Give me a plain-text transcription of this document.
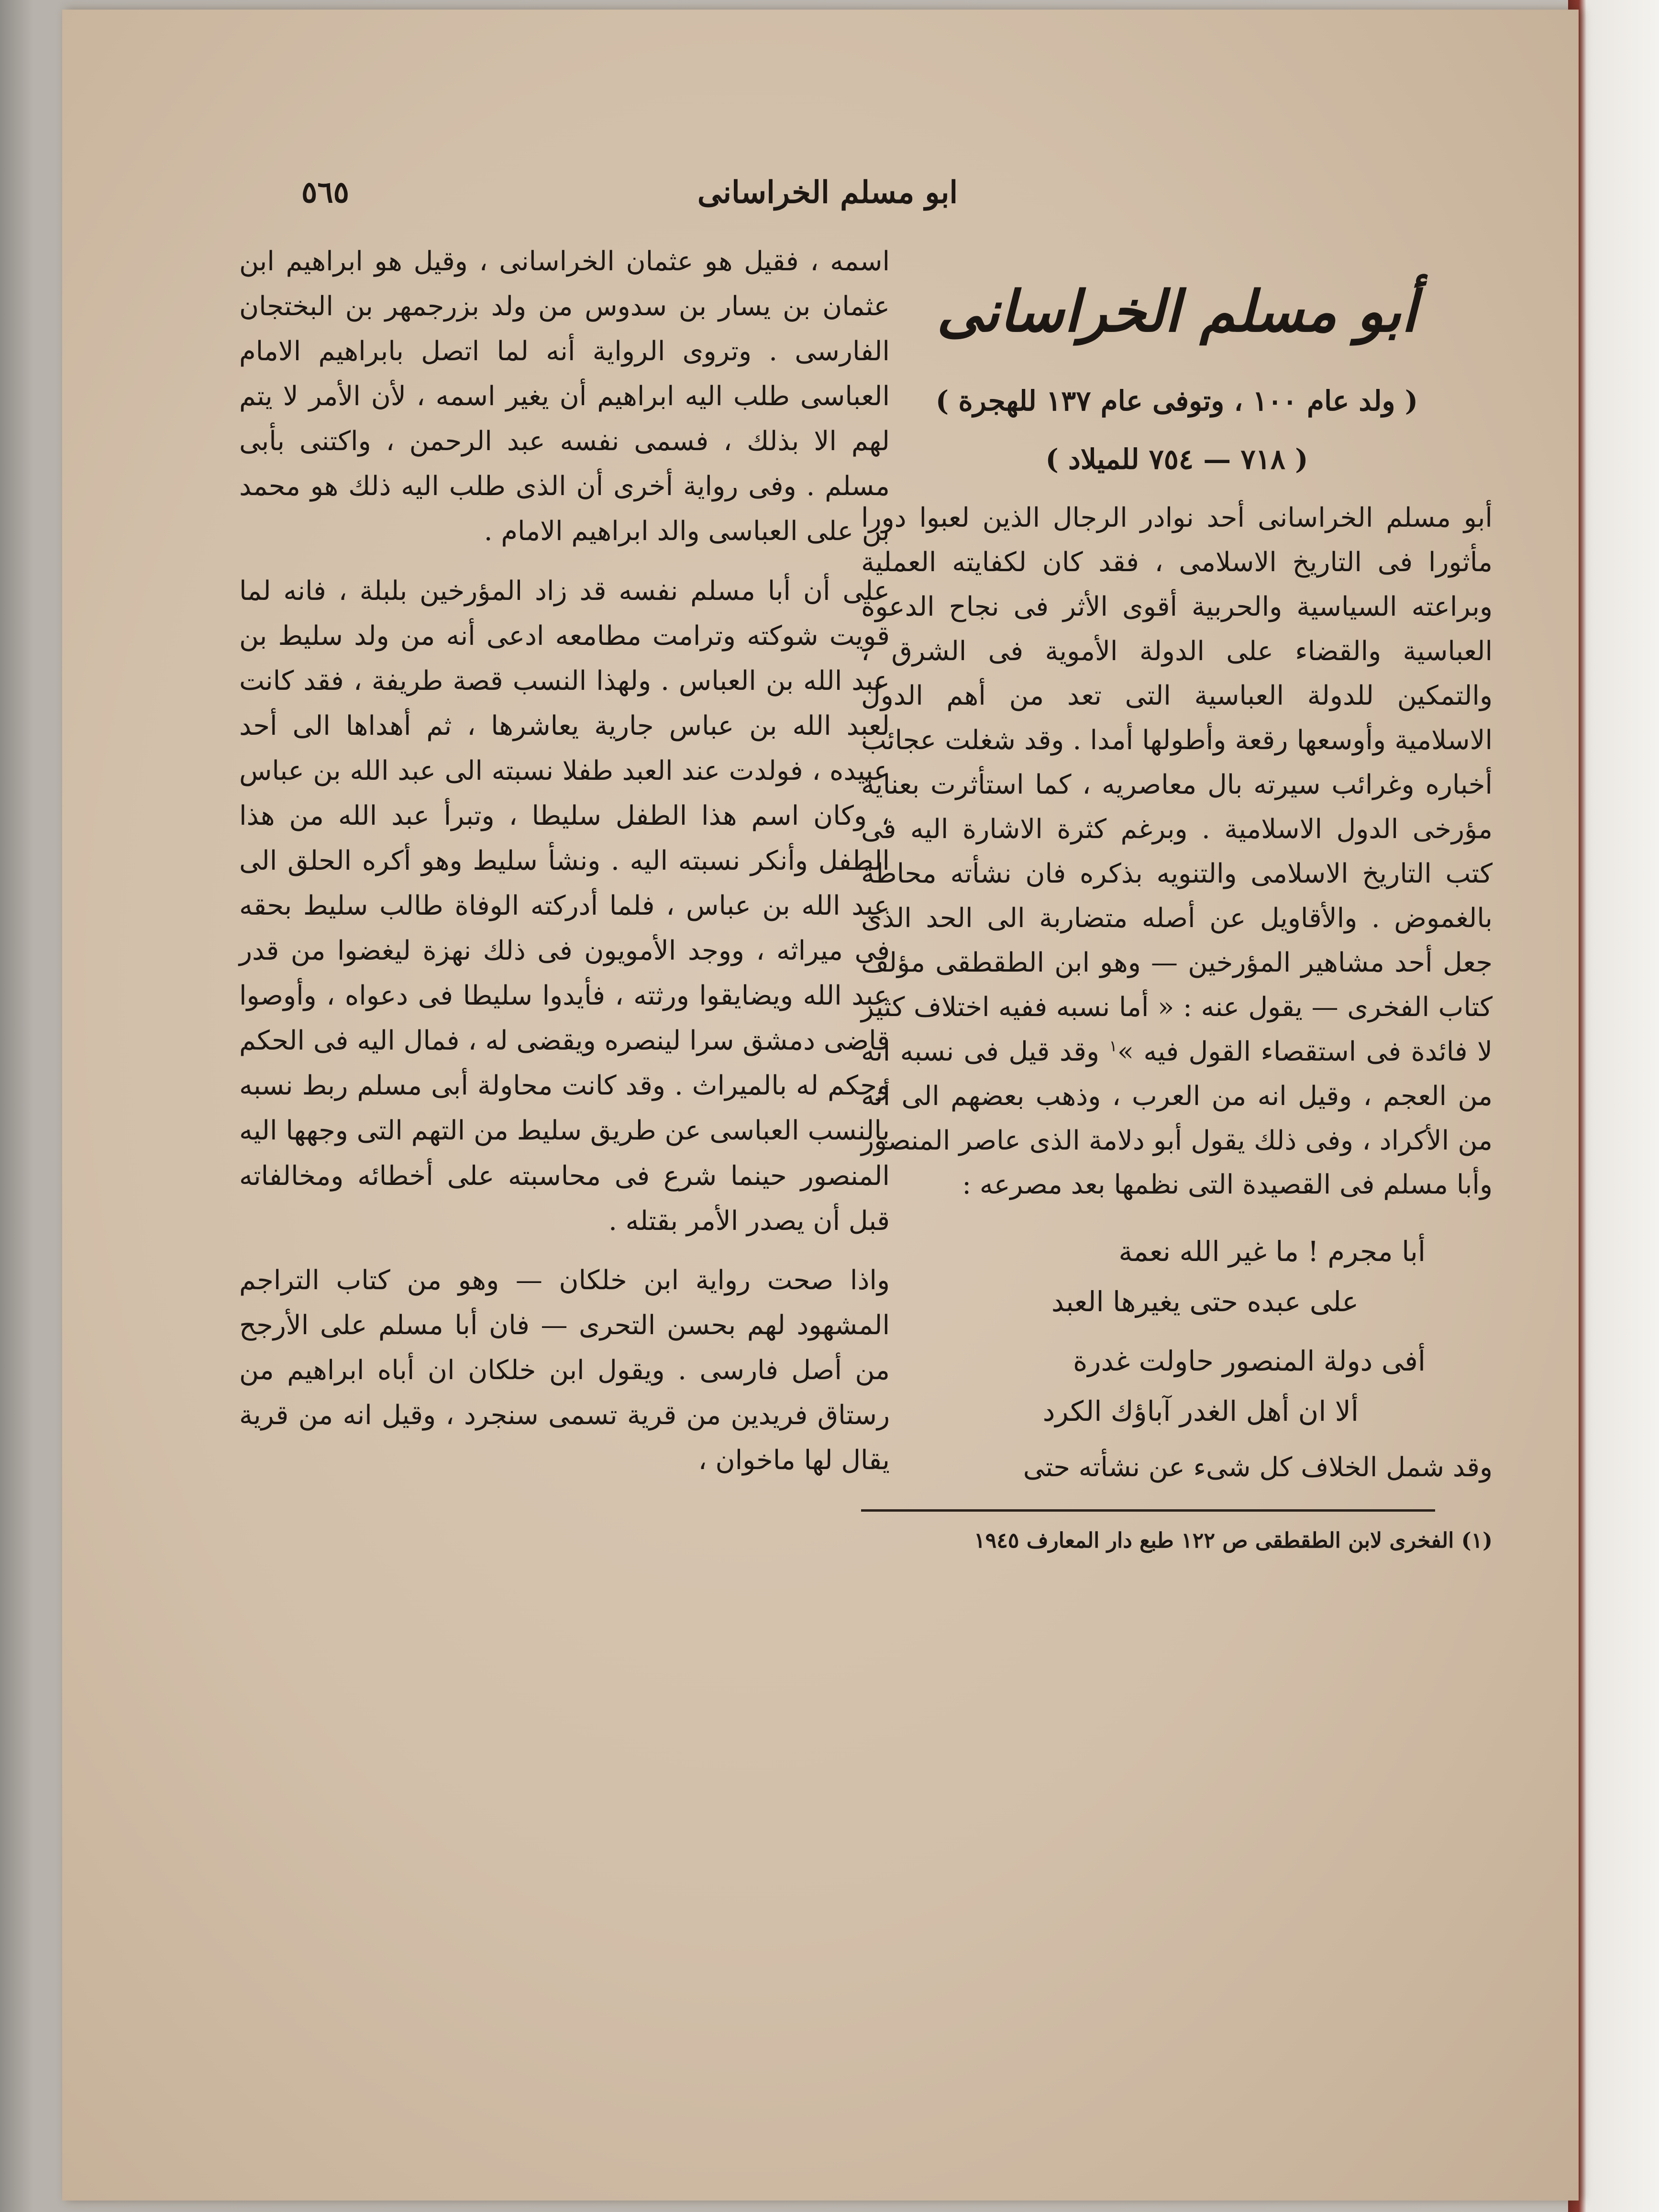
ابو مسلم الخراسانى
٥٦٥
أبو مسلم الخراسانى
( ولد عام ١٠٠ ، وتوفى عام ١٣٧ للهجرة )
( ٧١٨ — ٧٥٤ للميلاد )

أبو مسلم الخراسانى أحد نوادر الرجال الذين لعبوا دورا مأثورا فى التاريخ الاسلامى ، فقد كان لكفايته العملية وبراعته السياسية والحربية أقوى الأثر فى نجاح الدعوة العباسية والقضاء على الدولة الأموية فى الشرق ، والتمكين للدولة العباسية التى تعد من أهم الدول الاسلامية وأوسعها رقعة وأطولها أمدا . وقد شغلت عجائب أخباره وغرائب سيرته بال معاصريه ، كما استأثرت بعناية مؤرخى الدول الاسلامية . وبرغم كثرة الاشارة اليه فى كتب التاريخ الاسلامى والتنويه بذكره فان نشأته محاطة بالغموض . والأقاويل عن أصله متضاربة الى الحد الذى جعل أحد مشاهير المؤرخين — وهو ابن الطقطقى مؤلف كتاب الفخرى — يقول عنه : « أما نسبه ففيه اختلاف كثير لا فائدة فى استقصاء القول فيه »$^١$ وقد قيل فى نسبه انه من العجم ، وقيل انه من العرب ، وذهب بعضهم الى أنه من الأكراد ، وفى ذلك يقول أبو دلامة الذى عاصر المنصور وأبا مسلم فى القصيدة التى نظمها بعد مصرعه :

أبا مجرم ! ما غير الله نعمة

على عبده حتى يغيرها العبد

أفى دولة المنصور حاولت غدرة

ألا ان أهل الغدر آباؤك الكرد

وقد شمل الخلاف كل شىء عن نشأته حتى

(١) الفخرى لابن الطقطقى ص ١٢٢ طبع دار المعارف ١٩٤٥

اسمه ، فقيل هو عثمان الخراسانى ، وقيل هو ابراهيم ابن عثمان بن يسار بن سدوس من ولد بزرجمهر بن البختجان الفارسى . وتروى الرواية أنه لما اتصل بابراهيم الامام العباسى طلب اليه ابراهيم أن يغير اسمه ، لأن الأمر لا يتم لهم الا بذلك ، فسمى نفسه عبد الرحمن ، واكتنى بأبى مسلم . وفى رواية أخرى أن الذى طلب اليه ذلك هو محمد بن على العباسى والد ابراهيم الامام .

على أن أبا مسلم نفسه قد زاد المؤرخين بلبلة ، فانه لما قويت شوكته وترامت مطامعه ادعى أنه من ولد سليط بن عبد الله بن العباس . ولهذا النسب قصة طريفة ، فقد كانت لعبد الله بن عباس جارية يعاشرها ، ثم أهداها الى أحد عبيده ، فولدت عند العبد طفلا نسبته الى عبد الله بن عباس ، وكان اسم هذا الطفل سليطا ، وتبرأ عبد الله من هذا الطفل وأنكر نسبته اليه . ونشأ سليط وهو أكره الحلق الى عبد الله بن عباس ، فلما أدركته الوفاة طالب سليط بحقه فى ميراثه ، ووجد الأمويون فى ذلك نهزة ليغضوا من قدر عبد الله ويضايقوا ورثته ، فأيدوا سليطا فى دعواه ، وأوصوا قاضى دمشق سرا لينصره ويقضى له ، فمال اليه فى الحكم وحكم له بالميراث . وقد كانت محاولة أبى مسلم ربط نسبه بالنسب العباسى عن طريق سليط من التهم التى وجهها اليه المنصور حينما شرع فى محاسبته على أخطائه ومخالفاته قبل أن يصدر الأمر بقتله .

واذا صحت رواية ابن خلكان — وهو من كتاب التراجم المشهود لهم بحسن التحرى — فان أبا مسلم على الأرجح من أصل فارسى . ويقول ابن خلكان ان أباه ابراهيم من رستاق فريدين من قرية تسمى سنجرد ، وقيل انه من قرية يقال لها ماخوان ،
